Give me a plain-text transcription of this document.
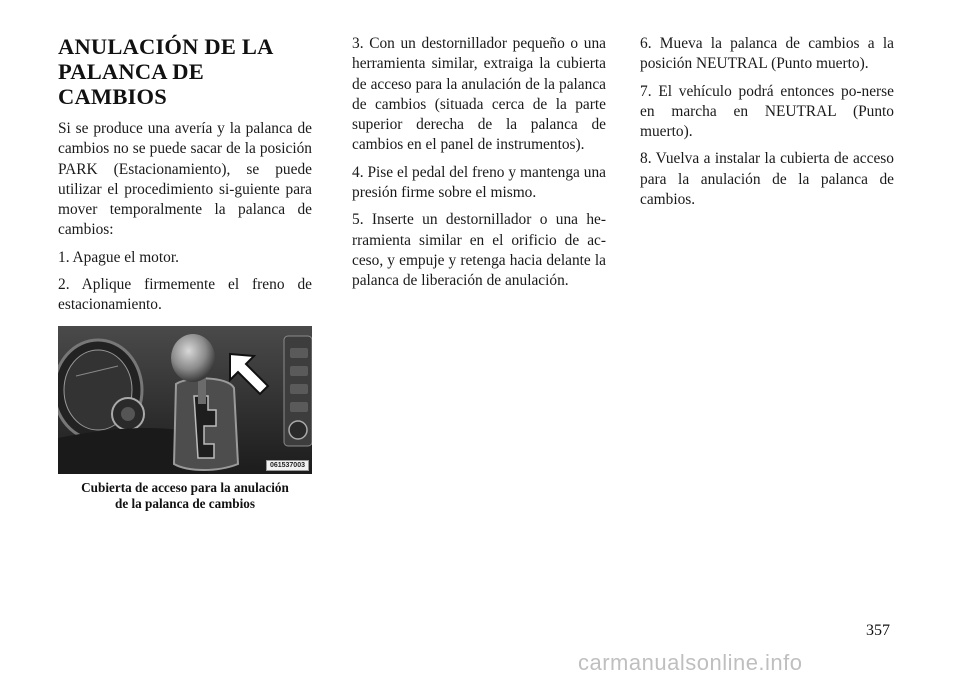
ANULACIÓN DE LA
PALANCA DE CAMBIOS

Si se produce una avería y la palanca de cambios no se puede sacar de la posición PARK (Estacionamiento), se puede utilizar el procedimiento si-guiente para mover temporalmente la palanca de cambios:

1. Apague el motor.

2. Aplique firmemente el freno de estacionamiento.

061537003
Cubierta de acceso para la anulación
de la palanca de cambios

3. Con un destornillador pequeño o una herramienta similar, extraiga la cubierta de acceso para la anulación de la palanca de cambios (situada cerca de la parte superior derecha de la palanca de cambios en el panel de instrumentos).

4. Pise el pedal del freno y mantenga una presión firme sobre el mismo.

5. Inserte un destornillador o una he-rramienta similar en el orificio de ac-ceso, y empuje y retenga hacia delante la palanca de liberación de anulación.

6. Mueva la palanca de cambios a la posición NEUTRAL (Punto muerto).

7. El vehículo podrá entonces po-nerse en marcha en NEUTRAL (Punto muerto).

8. Vuelva a instalar la cubierta de acceso para la anulación de la palanca de cambios.

357
carmanualsonline.info
